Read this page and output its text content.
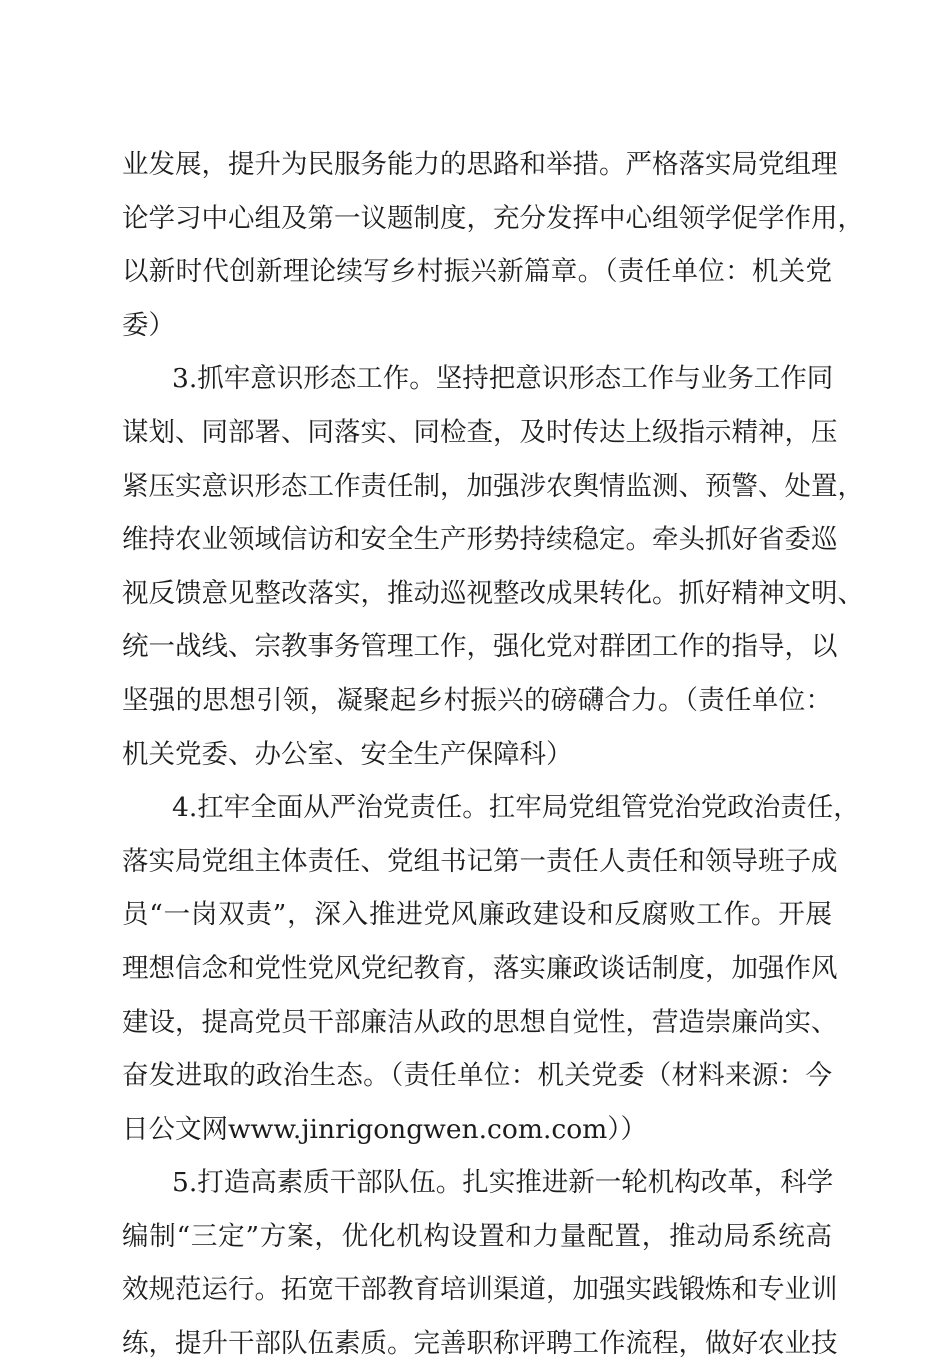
业发展，提升为民服务能力的思路和举措。严格落实局党组理
论学习中心组及第一议题制度，充分发挥中心组领学促学作用，
以新时代创新理论续写乡村振兴新篇章。（责任单位：机关党
委）
3.抓牢意识形态工作。坚持把意识形态工作与业务工作同
谋划、同部署、同落实、同检查，及时传达上级指示精神，压
紧压实意识形态工作责任制，加强涉农舆情监测、预警、处置，
维持农业领域信访和安全生产形势持续稳定。牵头抓好省委巡
视反馈意见整改落实，推动巡视整改成果转化。抓好精神文明、
统一战线、宗教事务管理工作，强化党对群团工作的指导，以
坚强的思想引领，凝聚起乡村振兴的磅礴合力。（责任单位：
机关党委、办公室、安全生产保障科）
4.扛牢全面从严治党责任。扛牢局党组管党治党政治责任，
落实局党组主体责任、党组书记第一责任人责任和领导班子成
员“一岗双责”，深入推进党风廉政建设和反腐败工作。开展
理想信念和党性党风党纪教育，落实廉政谈话制度，加强作风
建设，提高党员干部廉洁从政的思想自觉性，营造崇廉尚实、
奋发进取的政治生态。（责任单位：机关党委（材料来源：今
日公文网www.jinrigongwen.com.com））
5.打造高素质干部队伍。扎实推进新一轮机构改革，科学
编制“三定”方案，优化机构设置和力量配置，推动局系统高
效规范运行。拓宽干部教育培训渠道，加强实践锻炼和专业训
练，提升干部队伍素质。完善职称评聘工作流程，做好农业技
